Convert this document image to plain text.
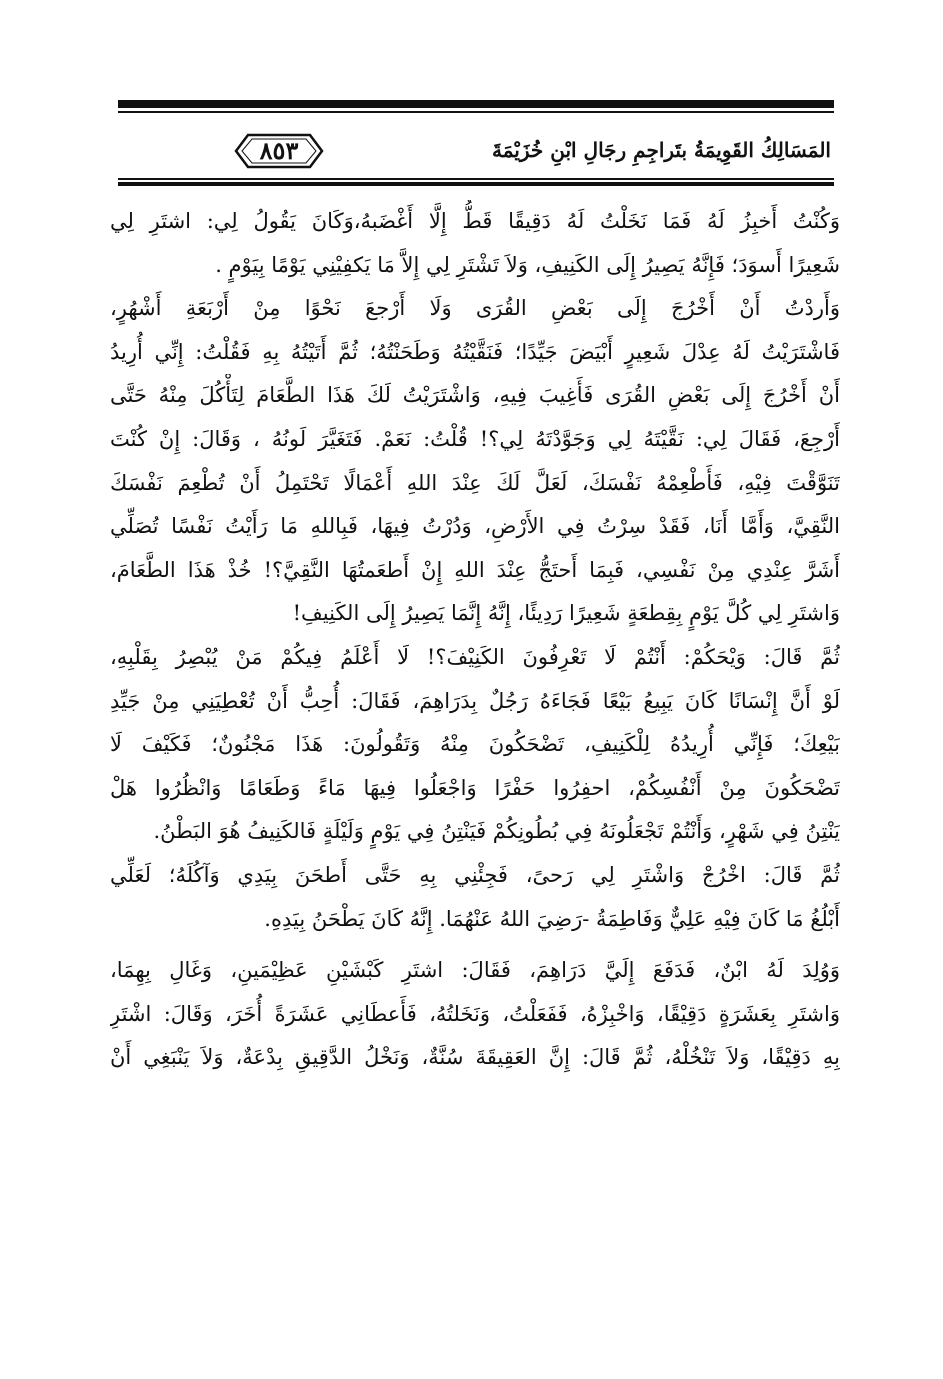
٨٥٣	المَسَالِكُ القَوِيمَةُ بتَراجِمِ رجَالِ ابْنِ خُزَيْمَةَ
وَكُنْتُ أَخبِزُ لَهُ فَمَا نَخَلْتُ لَهُ دَقِيقًا قَطُّ إِلَّا أَغْضَبهُ،وَكَانَ يَقُولُ لِي: اشتَرِ لِي
شَعِيرًا أَسوَدَ؛ فَإِنَّهُ يَصِيرُ إِلَى الكَنِيفِ، وَلاَ تَشْتَرِ لِي إِلاَّ مَا يَكفِيْنِي يَوْمًا بِيَوْمٍ .
وَأَردْتُ أَنْ أَخْرُجَ إِلَى بَعْضِ القُرَى وَلَا أَرْجعَ نَحْوًا مِنْ أَرْبَعَةِ أَشْهُرٍ،
فَاشْتَرَيْتُ لَهُ عِدْلَ شَعِيرٍ أَبْيَضَ جَيِّدًا؛ فَنَقَّيْتُهُ وَطَحَنْتُهُ؛ ثُمَّ أَتَيْتُهُ بِهِ فَقُلْتُ: إِنِّي أُرِيدُ
أَنْ أَخْرُجَ إِلَى بَعْضِ القُرَى فَأَغِيبَ فِيهِ، وَاشْتَرَيْتُ لَكَ هَذَا الطَّعَامَ لِتَأْكُلَ مِنْهُ حَتَّى
أَرْجِعَ، فَقَالَ لِي: نَقَّيْتَهُ لِي وَجَوَّدْتَهُ لِي؟! قُلْتُ: نَعَمْ. فَتَغَيَّرَ لَونُهُ ، وَقَالَ: إِنْ كُنْتَ
تَنَوَّقْتَ فِيْهِ، فَأَطْعِمْهُ نَفْسَكَ، لَعَلَّ لَكَ عِنْدَ اللهِ أَعْمَالًا تَحْتَمِلُ أَنْ تُطْعِمَ نَفْسَكَ
النَّقِيَّ، وَأَمَّا أَنَا، فَقَدْ سِرْتُ فِي الأَرْضِ، وَدُرْتُ فِيهَا، فَبِاللهِ مَا رَأَيْتُ نَفْسًا تُصَلِّي
أَشَرَّ عِنْدِي مِنْ نَفْسِي، فَبِمَا أَحتَجُّ عِنْدَ اللهِ إِنْ أَطعَمتُهَا النَّقِيَّ؟! خُذْ هَذَا الطَّعَامَ،
وَاشتَرِ لِي كُلَّ يَوْمٍ بِقِطعَةٍ شَعِيرًا رَدِيئًا، إِنَّهُ إِنَّمَا يَصِيرُ إِلَى الكَنِيفِ!
ثُمَّ قَالَ: وَيْحَكُمْ: أَنْتُمْ لَا تَعْرِفُونَ الكَنِيْفَ؟! لَا أَعْلَمُ فِيكُمْ مَنْ يُبْصِرُ بِقَلْبِهِ،
لَوْ أَنَّ إِنْسَانًا كَانَ يَبِيعُ بَيْعًا فَجَاءَهُ رَجُلٌ بِدَرَاهِمَ، فَقَالَ: أُحِبُّ أَنْ تُعْطِيَنِي مِنْ جَيِّدِ
بَيْعِكَ؛ فَإِنِّي أُرِيدُهُ لِلْكَنِيفِ، تَضْحَكُونَ مِنْهُ وَتَقُولُونَ: هَذَا مَجْنُونٌ؛ فَكَيْفَ لَا
تَضْحَكُونَ مِنْ أَنْفُسِكُمْ، احفِرُوا حَفْرًا وَاجْعَلُوا فِيهَا مَاءً وَطَعَامًا وَانْظُرُوا هَلْ
يَنْتِنُ فِي شَهْرٍ، وَأَنْتُمْ تَجْعَلُونَهُ فِي بُطُونِكُمْ فَيَنْتِنُ فِي يَوْمٍ وَلَيْلَةٍ فَالكَنِيفُ هُوَ البَطْنُ.
ثُمَّ قَالَ: اخْرُجْ وَاشْتَرِ لِي رَحىً، فَجِئْنِي بِهِ حَتَّى أَطحَنَ بِيَدِي وَآكُلَهُ؛ لَعَلِّي
أَبْلُغُ مَا كَانَ فِيْهِ عَلِيٌّ وَفَاطِمَةُ -رَضِيَ اللهُ عَنْهُمَا. إِنَّهُ كَانَ يَطْحَنُ بِيَدِهِ.
وَوُلِدَ لَهُ ابْنٌ، فَدَفَعَ إِلَيَّ دَرَاهِمَ، فَقَالَ: اشتَرِ كَبْشَيْنِ عَظِيْمَينِ، وَغَالِ بِهِمَا،
وَاشتَرِ بِعَشَرَةٍ دَقِيْقًا، وَاخْبِزْهُ، فَفَعَلْتُ، وَنَخَلتُهُ، فَأَعطَانِي عَشَرَةً أُخَرَ، وَقَالَ: اشْتَرِ
بِهِ دَقِيْقًا، وَلاَ تَنْخُلْهُ، ثُمَّ قَالَ: إِنَّ العَقِيقَةَ سُنَّةٌ، وَنَخْلُ الدَّقِيقِ بِدْعَةٌ، وَلاَ يَنْبَغِي أَنْ
